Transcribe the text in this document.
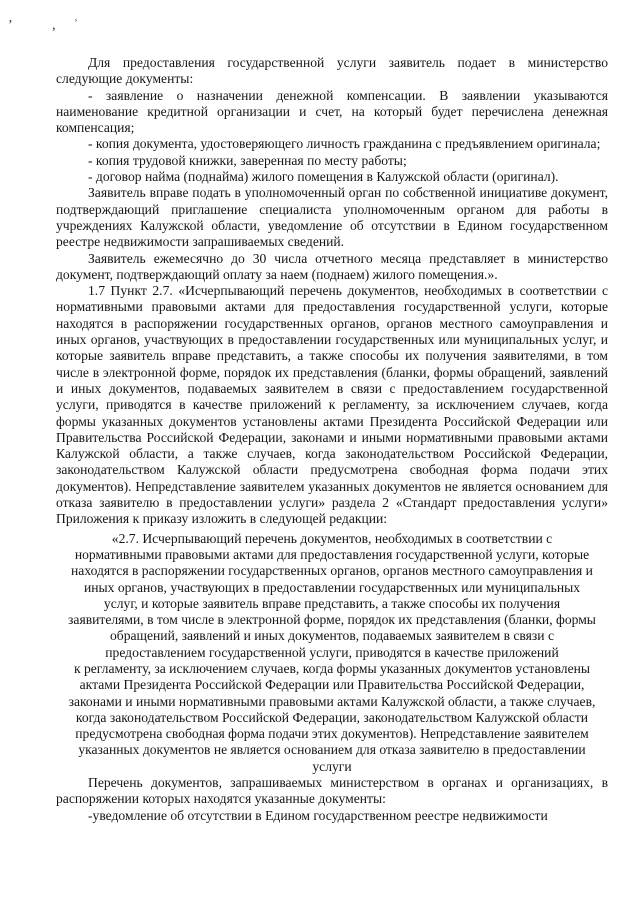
ʼ ,ʾ

Для предоставления государственной услуги заявитель подает в министерство следующие документы:

- заявление о назначении денежной компенсации. В заявлении указываются наименование кредитной организации и счет, на который будет перечислена денежная компенсация;

- копия документа, удостоверяющего личность гражданина с предъявлением оригинала;

- копия трудовой книжки, заверенная по месту работы;

- договор найма (поднайма) жилого помещения в Калужской области (оригинал).

Заявитель вправе подать в уполномоченный орган по собственной инициативе документ, подтверждающий приглашение специалиста уполномоченным органом для работы в учреждениях Калужской области, уведомление об отсутствии в Едином государственном реестре недвижимости запрашиваемых сведений.

Заявитель ежемесячно до 30 числа отчетного месяца представляет в министерство документ, подтверждающий оплату за наем (поднаем) жилого помещения.».

1.7 Пункт 2.7. «Исчерпывающий перечень документов, необходимых в соответствии с нормативными правовыми актами для предоставления государственной услуги, которые находятся в распоряжении государственных органов, органов местного самоуправления и иных органов, участвующих в предоставлении государственных или муниципальных услуг, и которые заявитель вправе представить, а также способы их получения заявителями, в том числе в электронной форме, порядок их представления (бланки, формы обращений, заявлений и иных документов, подаваемых заявителем в связи с предоставлением государственной услуги, приводятся в качестве приложений к регламенту, за исключением случаев, когда формы указанных документов установлены актами Президента Российской Федерации или Правительства Российской Федерации, законами и иными нормативными правовыми актами Калужской области, а также случаев, когда законодательством Российской Федерации, законодательством Калужской области предусмотрена свободная форма подачи этих документов). Непредставление заявителем указанных документов не является основанием для отказа заявителю в предоставлении услуги» раздела 2 «Стандарт предоставления услуги» Приложения к приказу изложить в следующей редакции:

«2.7. Исчерпывающий перечень документов, необходимых в соответствии с
нормативными правовыми актами для предоставления государственной услуги, которые
находятся в распоряжении государственных органов, органов местного самоуправления и
иных органов, участвующих в предоставлении государственных или муниципальных
услуг, и которые заявитель вправе представить, а также способы их получения
заявителями, в том числе в электронной форме, порядок их представления (бланки, формы
обращений, заявлений и иных документов, подаваемых заявителем в связи с
предоставлением государственной услуги, приводятся в качестве приложений
к регламенту, за исключением случаев, когда формы указанных документов установлены
актами Президента Российской Федерации или Правительства Российской Федерации,
законами и иными нормативными правовыми актами Калужской области, а также случаев,
когда законодательством Российской Федерации, законодательством Калужской области
предусмотрена свободная форма подачи этих документов). Непредставление заявителем
указанных документов не является основанием для отказа заявителю в предоставлении
услуги

Перечень документов, запрашиваемых министерством в органах и организациях, в распоряжении которых находятся указанные документы:

-уведомление об отсутствии в Едином государственном реестре недвижимости
